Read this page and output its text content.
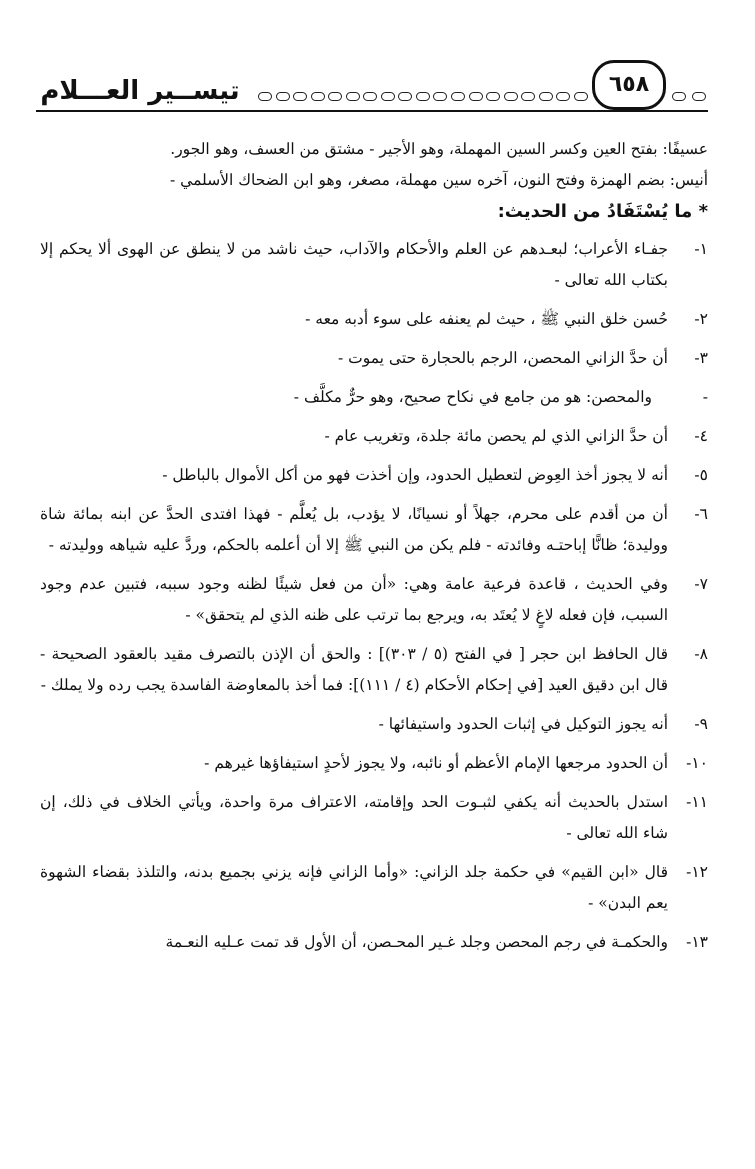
تيســير العـــلام	٦٥٨

عسيفًا: بفتح العين وكسر السين المهملة، وهو الأجير - مشتق من العسف، وهو الجور.

أنيس: بضم الهمزة وفتح النون، آخره سين مهملة، مصغر، وهو ابن الضحاك الأسلمي -

* ما يُسْتَفَادُ من الحديث:
١-
جفـاء الأعراب؛ لبعـدهم عن العلم والأحكام والآداب، حيث ناشد من لا ينطق عن الهوى ألا يحكم إلا بكتاب الله تعالى -
٢-
حُسن خلق النبي ﷺ ، حيث لم يعنفه على سوء أدبه معه -
٣-
أن حدَّ الزاني المحصن، الرجم بالحجارة حتى يموت -
-
والمحصن: هو من جامع في نكاح صحيح، وهو حرٌّ مكلَّف -
٤-
أن حدَّ الزاني الذي لم يحصن مائة جلدة، وتغريب عام -
٥-
أنه لا يجوز أخذ العِوض لتعطيل الحدود، وإن أخذت فهو من أكل الأموال بالباطل -
٦-
أن من أقدم على محرم، جهلاً أو نسيانًا، لا يؤدب، بل يُعلَّم - فهذا افتدى الحدَّ عن ابنه بمائة شاة ووليدة؛ ظانًّا إباحتـه وفائدته - فلم يكن من النبي ﷺ إلا أن أعلمه بالحكم، وردَّ عليه شياهه ووليدته -
٧-
وفي الحديث ، قاعدة فرعية عامة وهي: «أن من فعل شيئًا لظنه وجود سببه، فتبين عدم وجود السبب، فإن فعله لاغٍ لا يُعتَد به، ويرجع بما ترتب على ظنه الذي لم يتحقق» -
٨-
قال الحافظ ابن حجر [ في الفتح (٥ / ٣٠٣)] : والحق أن الإذن بالتصرف مقيد بالعقود الصحيحة - قال ابن دقيق العيد [في إحكام الأحكام (٤ / ١١١)]: فما أخذ بالمعاوضة الفاسدة يجب رده ولا يملك -
٩-
أنه يجوز التوكيل في إثبات الحدود واستيفائها -
١٠-
أن الحدود مرجعها الإمام الأعظم أو نائبه، ولا يجوز لأحدٍ استيفاؤها غيرهم -
١١-
استدل بالحديث أنه يكفي لثبـوت الحد وإقامته، الاعتراف مرة واحدة، ويأتي الخلاف في ذلك، إن شاء الله تعالى -
١٢-
قال «ابن القيم» في حكمة جلد الزاني: «وأما الزاني فإنه يزني بجميع بدنه، والتلذذ بقضاء الشهوة يعم البدن» -
١٣-
والحكمـة في رجم المحصن وجلد غـير المحـصن، أن الأول قد تمت عـليه النعـمة
